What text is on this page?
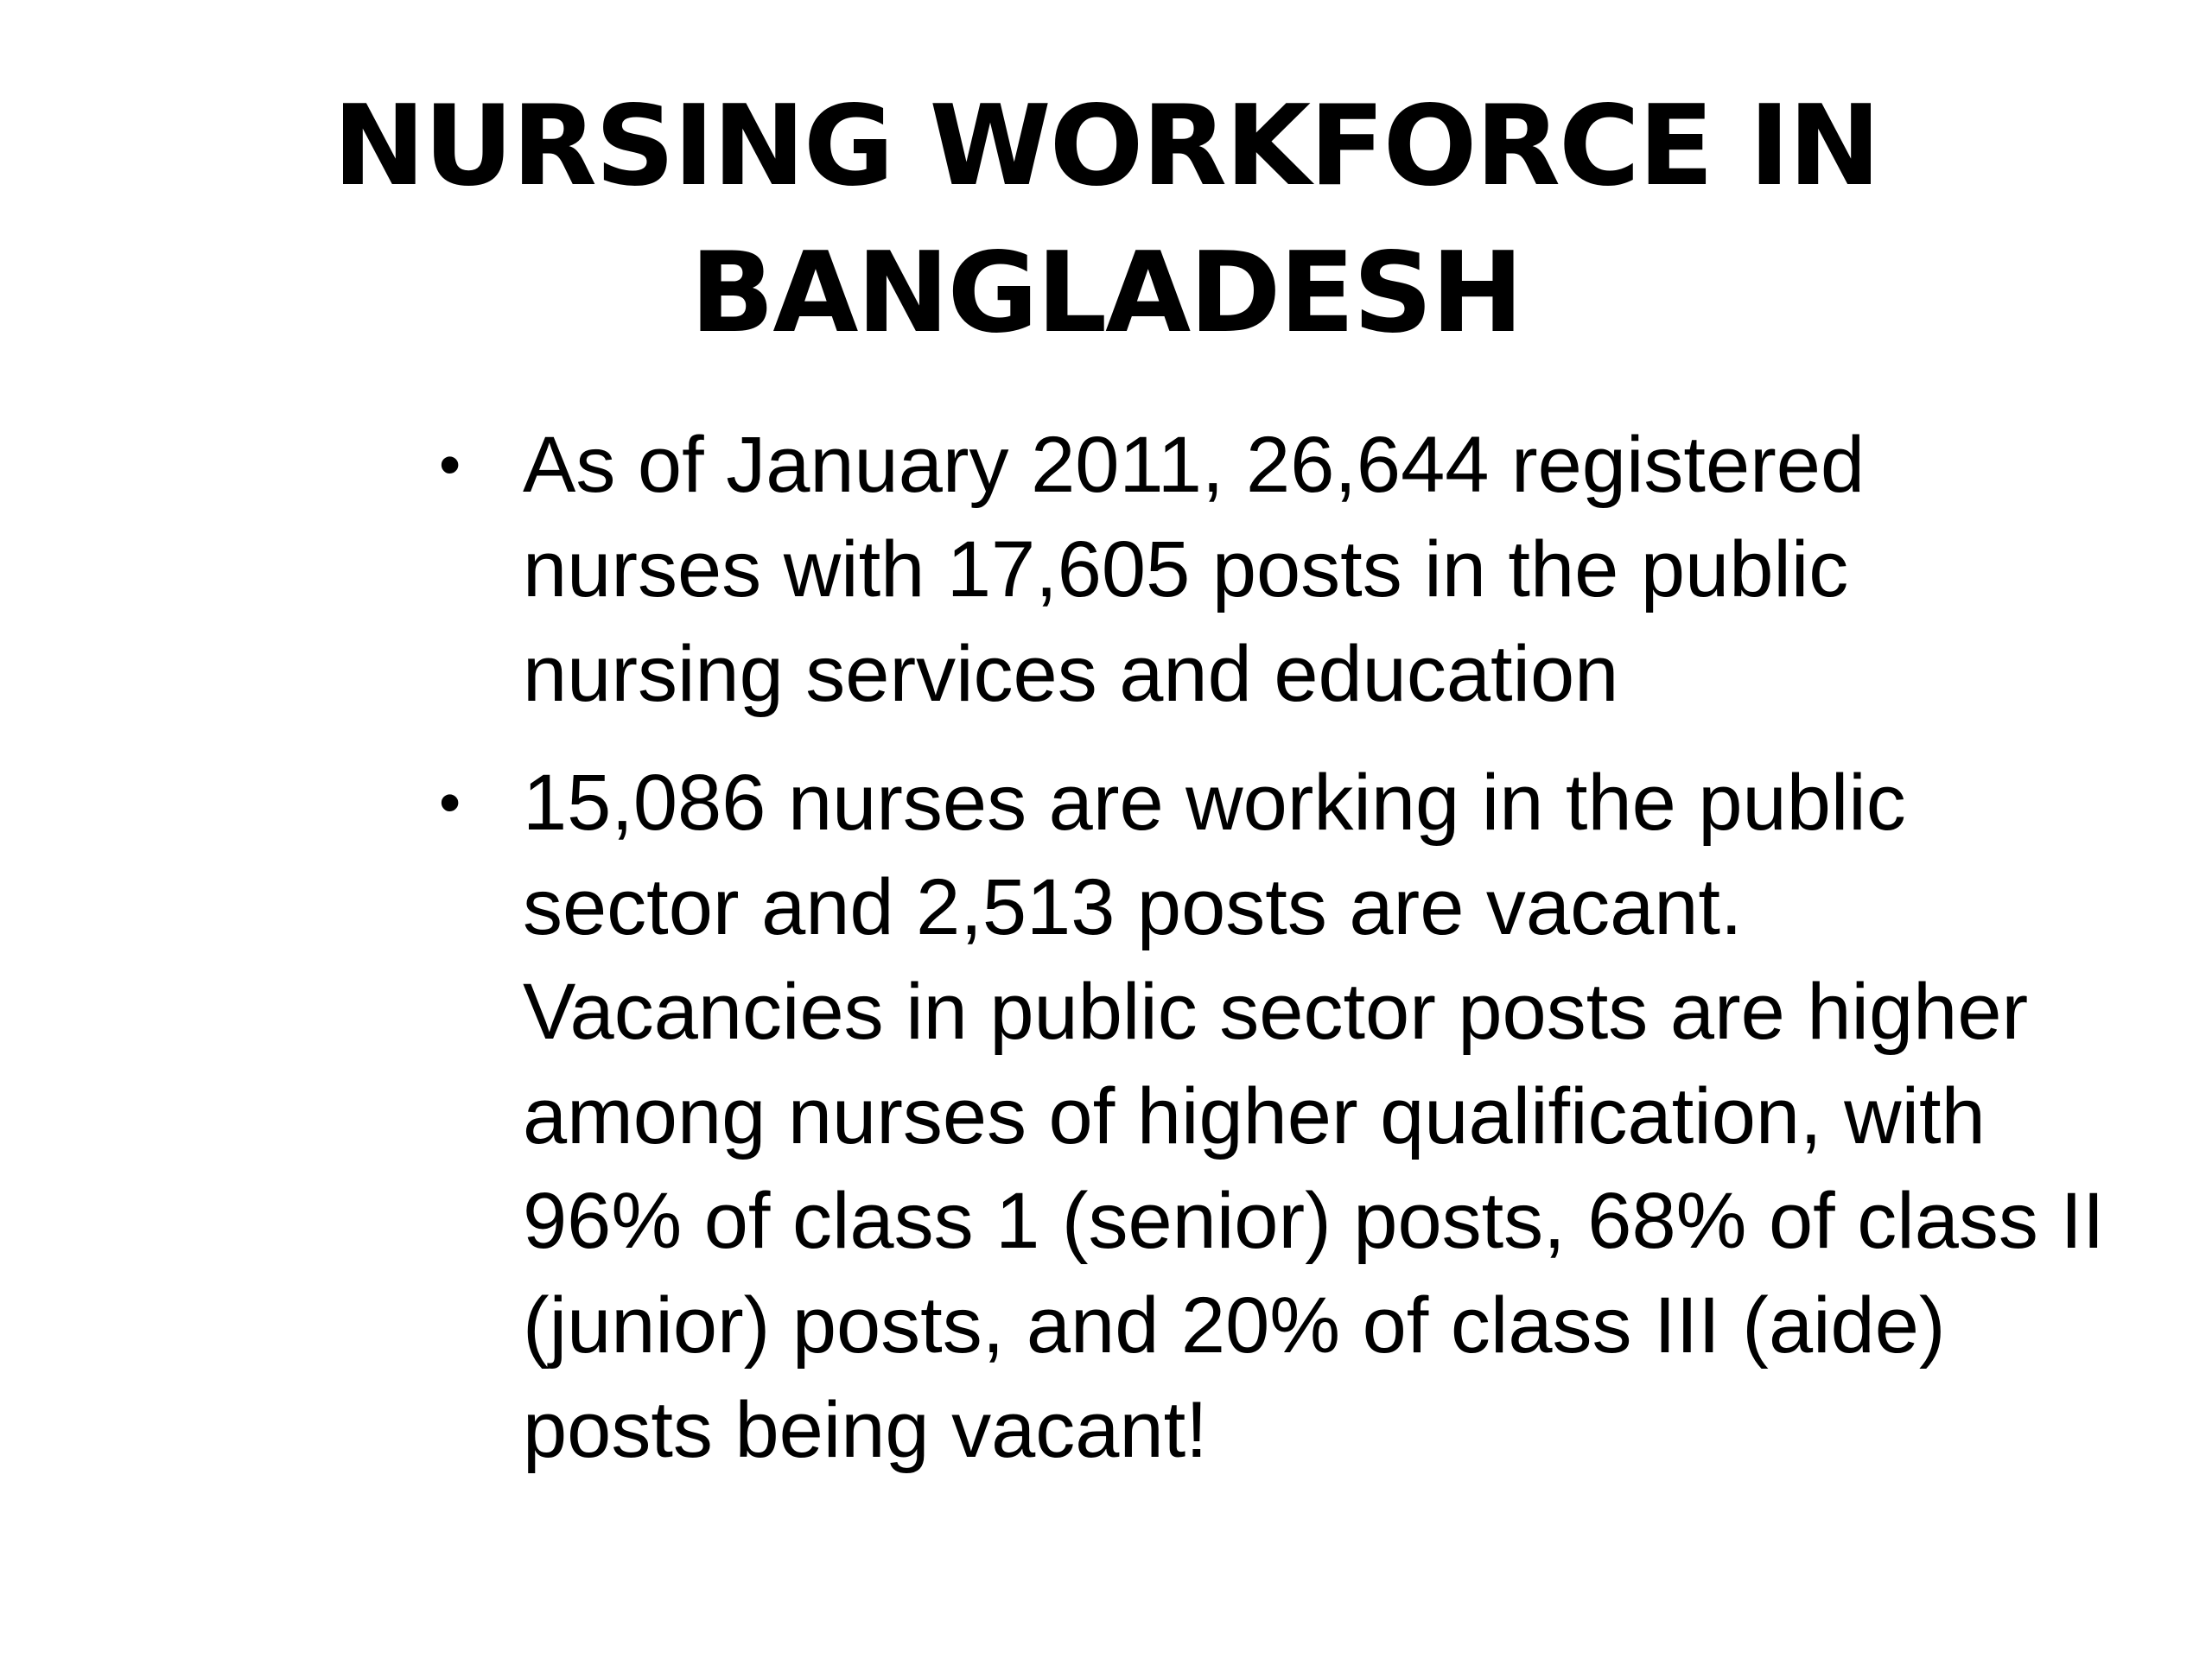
NURSING WORKFORCE IN
BANGLADESH
• As of January 2011, 26,644 registered nurses with 17,605 posts in the public nursing services and education
• 15,086 nurses are working in the public sector and 2,513 posts are vacant. Vacancies in public sector posts are higher among nurses of higher qualification, with 96% of class 1 (senior) posts, 68% of class II (junior) posts, and 20% of class III (aide) posts being vacant!
